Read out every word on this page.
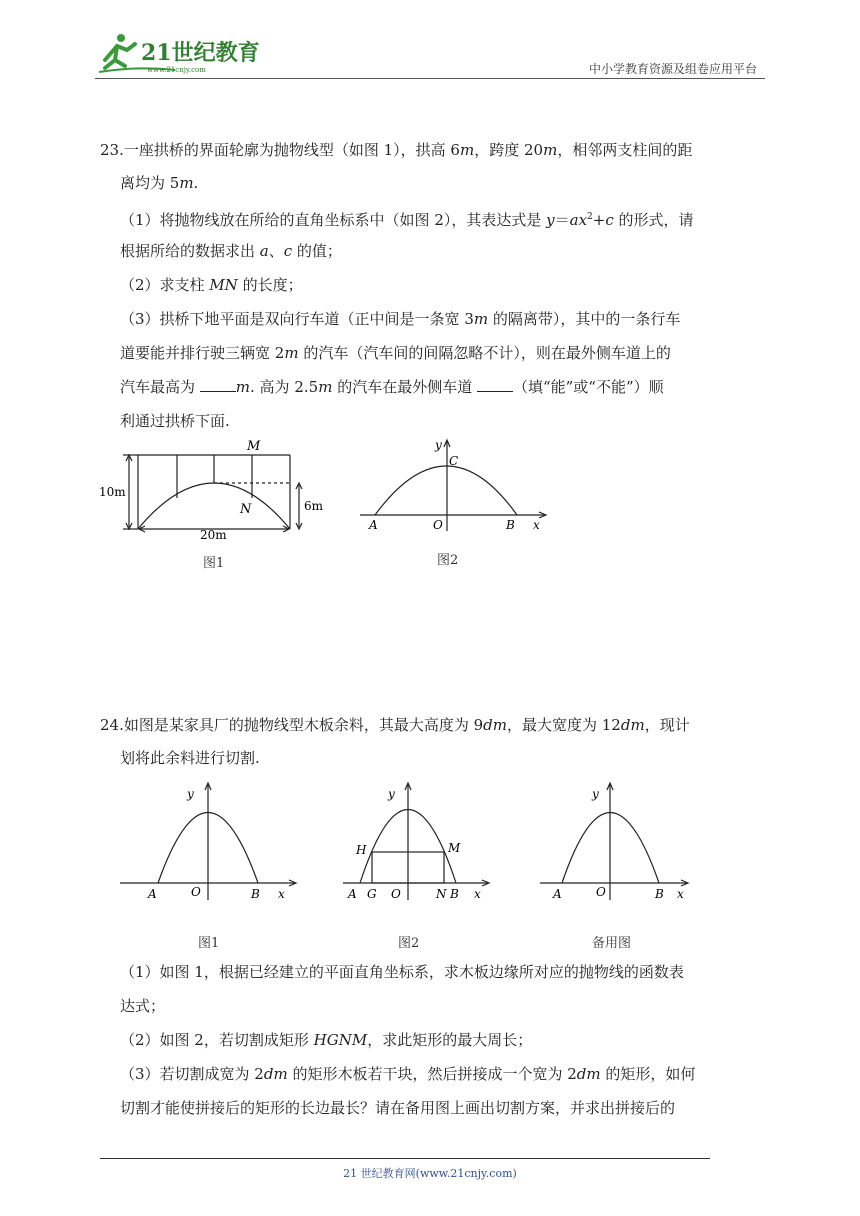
21世纪教育
www.21cnjy.com	中小学教育资源及组卷应用平台
23.一座拱桥的界面轮廓为抛物线型（如图 1），拱高 6m，跨度 20m，相邻两支柱间的距
离均为 5m.
（1）将抛物线放在所给的直角坐标系中（如图 2），其表达式是 $y=ax^2+c$ 的形式，请
根据所给的数据求出 a、c 的值；
（2）求支柱 MN 的长度；
（3）拱桥下地平面是双向行车道（正中间是一条宽 3m 的隔离带），其中的一条行车
道要能并排行驶三辆宽 2m 的汽车（汽车间的间隔忽略不计），则在最外侧车道上的
汽车最高为 m. 高为 2.5m 的汽车在最外侧车道 （填“能”或“不能”）顺
利通过拱桥下面.
M
N
10m
6m
20m
图1
y
C
A	O	B x
图2
24.如图是某家具厂的抛物线型木板余料，其最大高度为 9dm，最大宽度为 12dm，现计
划将此余料进行切割.
y
A	O	B x
图1
y
H	M
A G O	N B x
图2
y
A	O	B x
备用图
（1）如图 1，根据已经建立的平面直角坐标系，求木板边缘所对应的抛物线的函数表
达式；
（2）如图 2，若切割成矩形 HGNM，求此矩形的最大周长；
（3）若切割成宽为 2dm 的矩形木板若干块，然后拼接成一个宽为 2dm 的矩形，如何
切割才能使拼接后的矩形的长边最长？请在备用图上画出切割方案，并求出拼接后的
21 世纪教育网(www.21cnjy.com)
